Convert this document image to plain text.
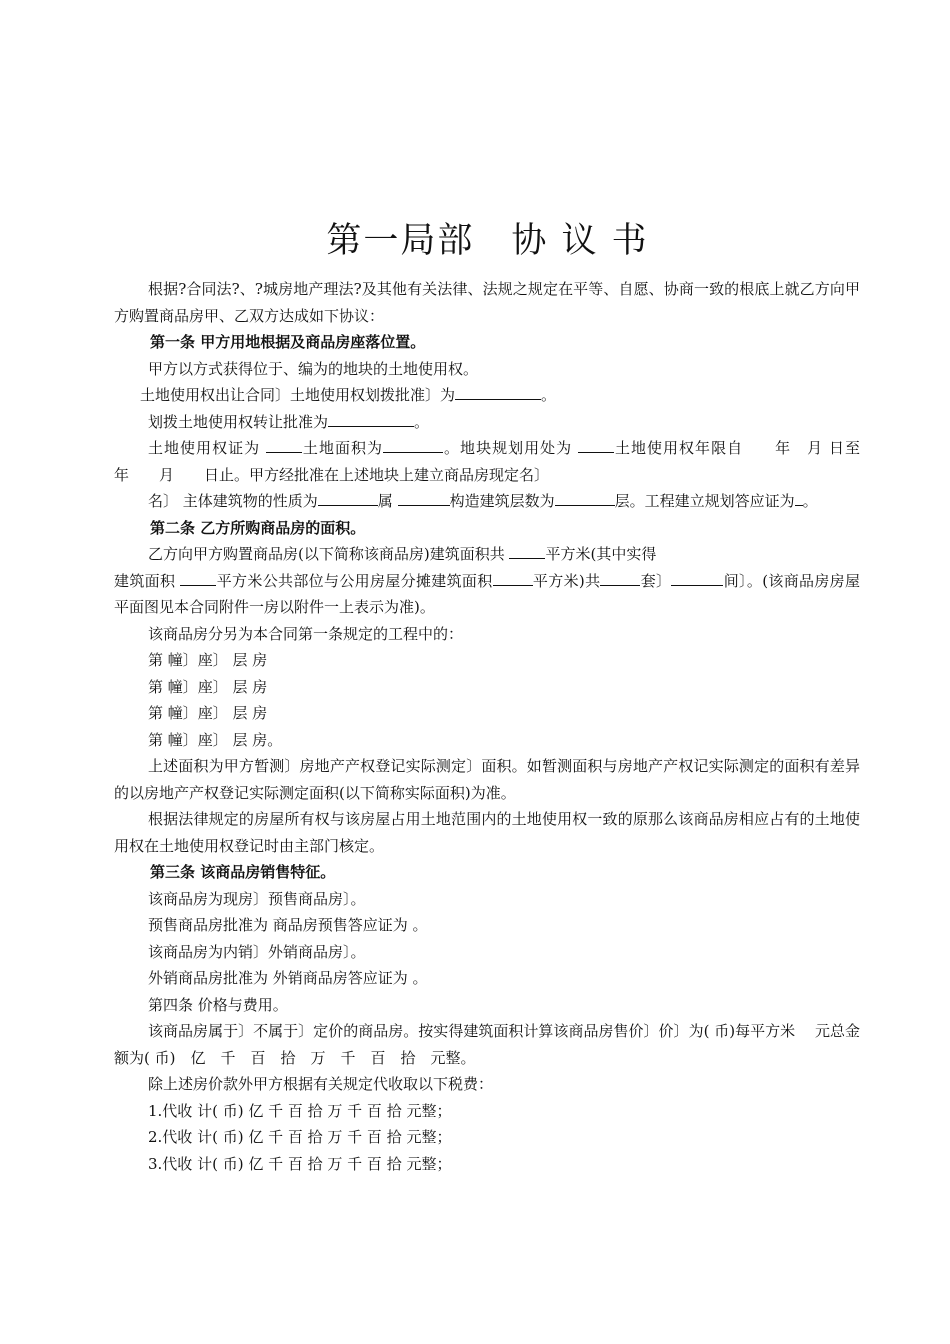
第一局部　协 议 书

根据?合同法?、?城房地产理法?及其他有关法律、法规之规定在平等、自愿、协商一致的根底上就乙方向甲方购置商品房甲、乙双方达成如下协议：

第一条 甲方用地根据及商品房座落位置。

甲方以方式获得位于、编为的地块的土地使用权。

土地使用权出让合同〕土地使用权划拨批准〕为	。

划拨土地使用权转让批准为	。

土地使用权证为 土地面积为	。地块规划用处为 土地使用权年限自　　年　月 日至　　年　　月　　日止。甲方经批准在上述地块上建立商品房现定名〕

名〕 主体建筑物的性质为	属	构造建筑层数为	层。工程建立规划答应证为 。

第二条 乙方所购商品房的面积。

乙方向甲方购置商品房(以下简称该商品房)建筑面积共 平方米(其中实得

建筑面积 平方米公共部位与公用房屋分摊建筑面积	平方米)共	套〕	间〕。(该商品房房屋平面图见本合同附件一房以附件一上表示为准)。

该商品房分另为本合同第一条规定的工程中的：

第 幢〕座〕 层 房

第 幢〕座〕 层 房

第 幢〕座〕 层 房

第 幢〕座〕 层 房。

上述面积为甲方暂测〕房地产产权登记实际测定〕面积。如暂测面积与房地产产权记实际测定的面积有差异的以房地产产权登记实际测定面积(以下简称实际面积)为准。

根据法律规定的房屋所有权与该房屋占用土地范围内的土地使用权一致的原那么该商品房相应占有的土地使用权在土地使用权登记时由主部门核定。

第三条 该商品房销售特征。

该商品房为现房〕预售商品房〕。

预售商品房批准为 商品房预售答应证为 。

该商品房为内销〕外销商品房〕。

外销商品房批准为 外销商品房答应证为 。

第四条 价格与费用。

该商品房属于〕不属于〕定价的商品房。按实得建筑面积计算该商品房售价〕价〕为( 币)每平方米　 元总金额为( 币)　亿　千　百　拾　万　千　百　拾　元整。

除上述房价款外甲方根据有关规定代收取以下税费：

1.代收 计( 币) 亿 千 百 拾 万 千 百 拾 元整；

2.代收 计( 币) 亿 千 百 拾 万 千 百 拾 元整；

3.代收 计( 币) 亿 千 百 拾 万 千 百 拾 元整；
